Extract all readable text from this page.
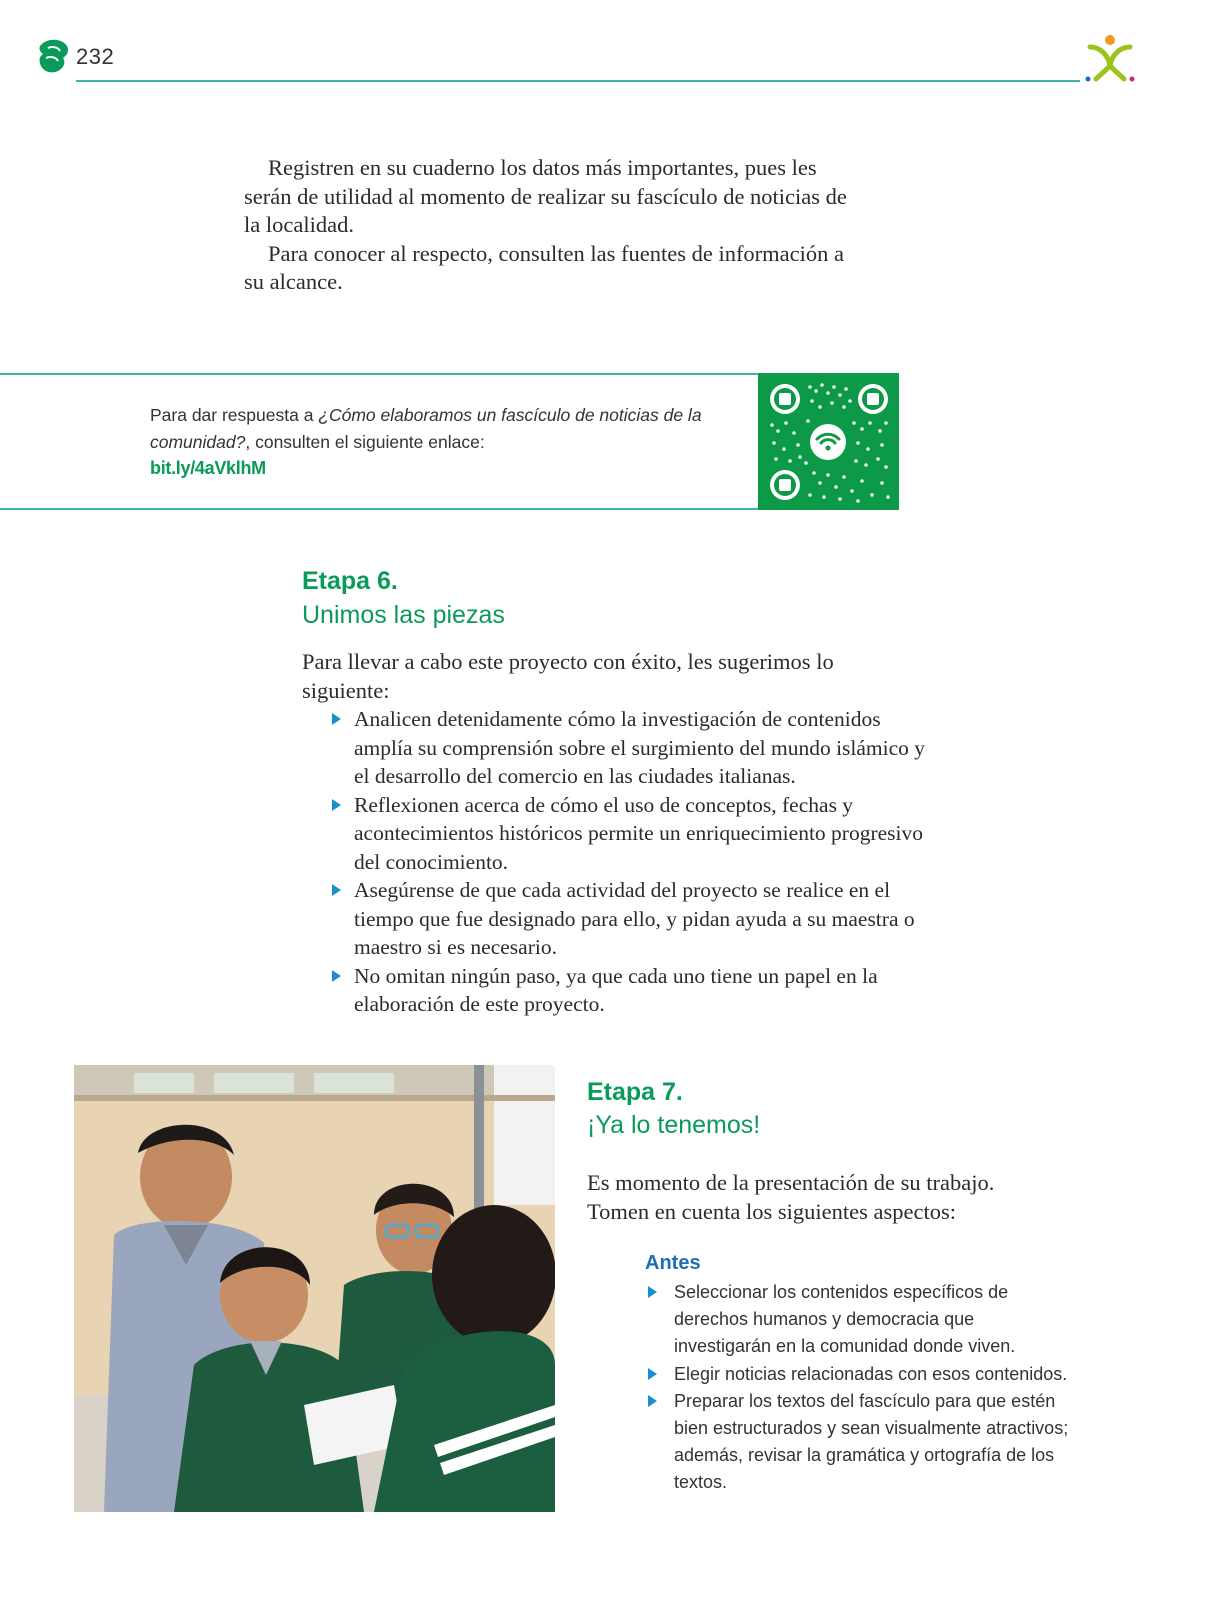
232

Registren en su cuaderno los datos más importantes, pues les serán de utilidad al momento de realizar su fascículo de noticias de la localidad.

Para conocer al respecto, consulten las fuentes de información a su alcance.

Para dar respuesta a ¿Cómo elaboramos un fascículo de noticias de la comunidad?, consulten el siguiente enlace:
bit.ly/4aVklhM
Etapa 6.
Unimos las piezas
Para llevar a cabo este proyecto con éxito, les sugerimos lo siguiente:
Analicen detenidamente cómo la investigación de contenidos amplía su comprensión sobre el surgimiento del mundo islámico y el desarrollo del comercio en las ciudades italianas.
Reflexionen acerca de cómo el uso de conceptos, fechas y acontecimientos históricos permite un enriquecimiento progresivo del conocimiento.
Asegúrense de que cada actividad del proyecto se realice en el tiempo que fue designado para ello, y pidan ayuda a su maestra o maestro si es necesario.
No omitan ningún paso, ya que cada uno tiene un papel en la elaboración de este proyecto.
Etapa 7.
¡Ya lo tenemos!
Es momento de la presentación de su trabajo. Tomen en cuenta los siguientes aspectos:
Antes
Seleccionar los contenidos específicos de derechos humanos y democracia que investigarán en la comunidad donde viven.
Elegir noticias relacionadas con esos contenidos.
Preparar los textos del fascículo para que estén bien estructurados y sean visualmente atractivos; además, revisar la gramática y ortografía de los textos.
